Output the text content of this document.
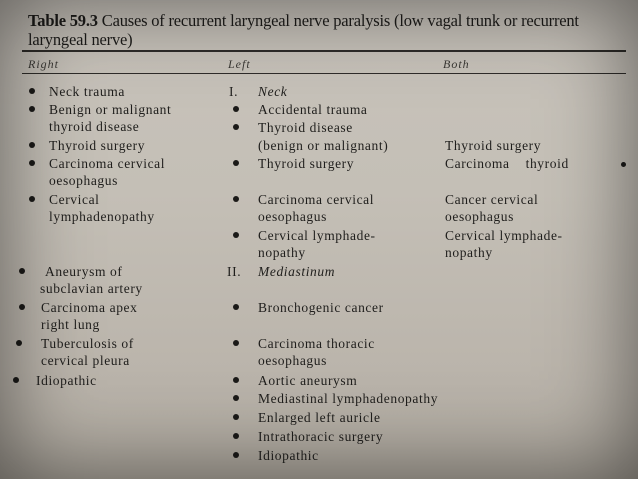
Table 59.3 Causes of recurrent laryngeal nerve paralysis (low vagal trunk or recurrent laryngeal nerve)
Right	Left	Both
Neck trauma
Benign or malignant
thyroid disease
Thyroid surgery
Carcinoma cervical
oesophagus
Cervical
lymphadenopathy
Aneurysm of
subclavian artery
Carcinoma apex
right lung
Tuberculosis of
cervical pleura
Idiopathic
I. Neck
Accidental trauma
Thyroid disease
(benign or malignant)
Thyroid surgery
Carcinoma cervical
oesophagus
Cervical lymphade-
nopathy
II. Mediastinum
Bronchogenic cancer
Carcinoma thoracic
oesophagus
Aortic aneurysm
Mediastinal lymphadenopathy
Enlarged left auricle
Intrathoracic surgery
Idiopathic
Thyroid surgery
Carcinoma thyroid
Cancer cervical
oesophagus
Cervical lymphade-
nopathy
